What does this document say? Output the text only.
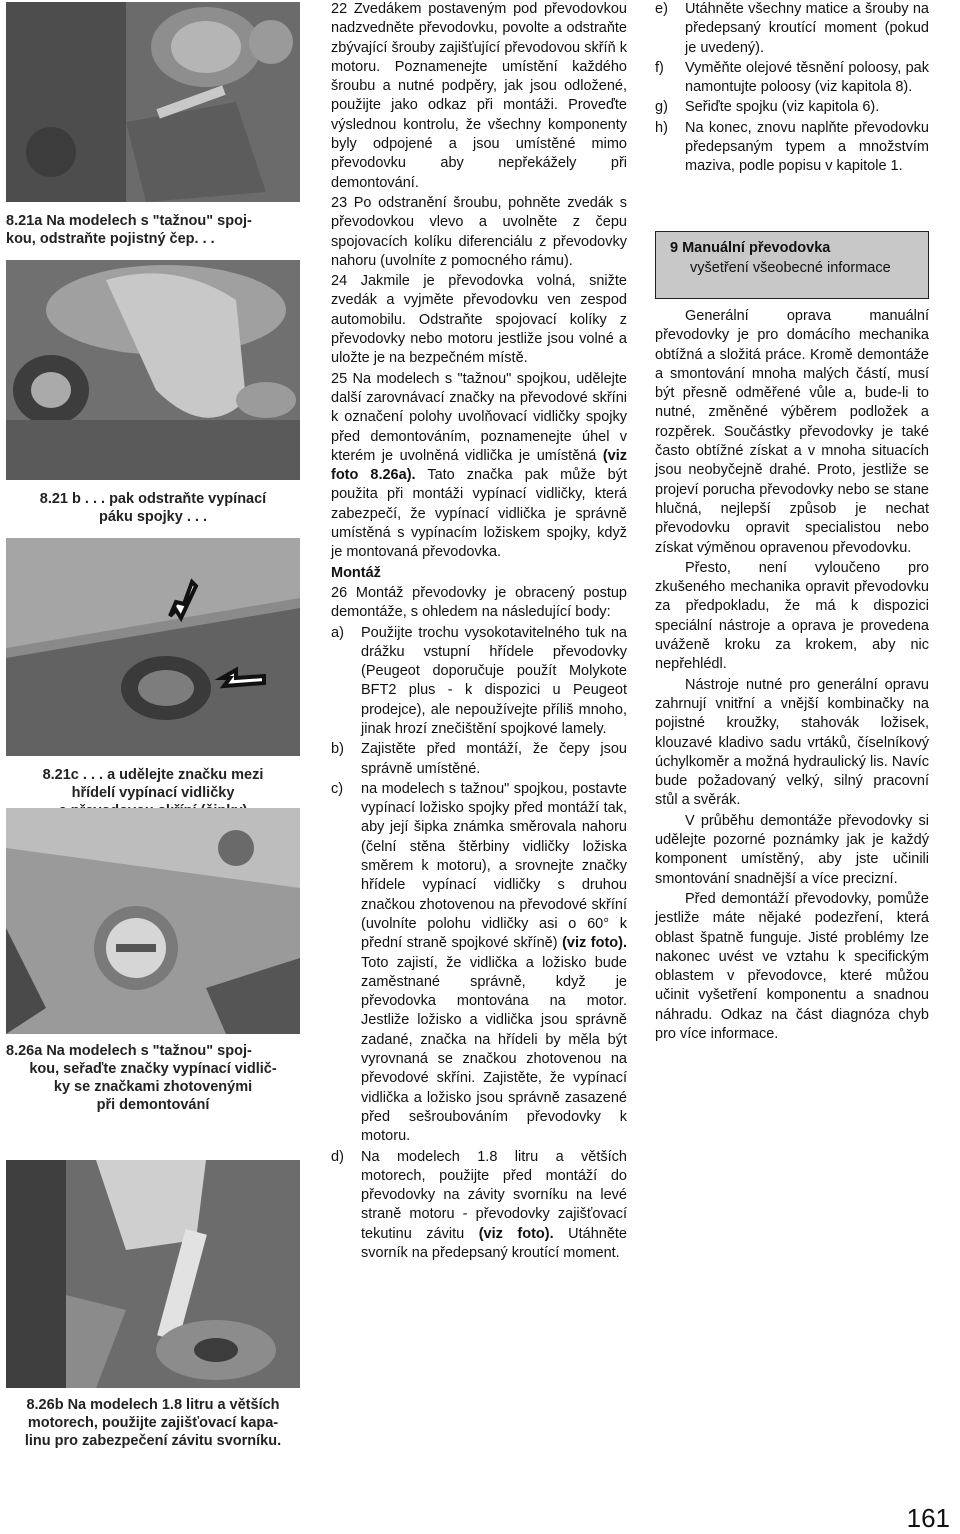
8.21a Na modelech s "tažnou" spoj-

kou, odstraňte pojistný čep. . .

8.21 b . . . pak odstraňte vypínací

páku spojky . . .

8.21c . . . a udělejte značku mezi

hřídelí vypínací vidličky

8.26a Na modelech s "tažnou" spoj-

kou, seřaďte značky vypínací vidlič-

ky se značkami zhotovenými

při demontování

8.26b Na modelech 1.8 litru a větších

motorech, použijte zajišťovací kapa-

linu pro zabezpečení závitu svorníku.

22 Zvedákem postaveným pod převodovkou nadzvedněte převodovku, povolte a odstraňte zbývající šrouby zajišťující převodovou skříň k motoru. Poznamenejte umístění každého šroubu a nutné podpěry, jak jsou odložené, použijte jako odkaz při montáži. Proveďte výslednou kontrolu, že všechny komponenty byly odpojené a jsou umístěné mimo převodovku aby nepřekážely při demontování.

23 Po odstranění šroubu, pohněte zvedák s převodovkou vlevo a uvolněte z čepu spojovacích kolíku diferenciálu z převodovky nahoru (uvolníte z pomocného rámu).

24 Jakmile je převodovka volná, snižte zvedák a vyjměte převodovku ven zespod automobilu. Odstraňte spojovací kolíky z převodovky nebo motoru jestliže jsou volné a uložte je na bezpečném místě.

25 Na modelech s "tažnou" spojkou, udělejte další zarovnávací značky na převodové skříni k označení polohy uvolňovací vidličky spojky před demontováním, poznamenejte úhel v kterém je uvolněná vidlička je umístěná (viz foto 8.26a). Tato značka pak může být použita při montáži vypínací vidličky, která zabezpečí, že vypínací vidlička je správně umístěná s vypínacím ložiskem spojky, když je montovaná převodovka.

Montáž

26 Montáž převodovky je obracený postup demontáže, s ohledem na následující body:

a) Použijte trochu vysokotavitelného tuk na drážku vstupní hřídele převodovky (Peugeot doporučuje použít Molykote BFT2 plus - k dispozici u Peugeot prodejce), ale nepoužívejte příliš mnoho, jinak hrozí znečištění spojkové lamely.
b) Zajistěte před montáží, že čepy jsou správně umístěné.
c) na modelech s tažnou" spojkou, postavte vypínací ložisko spojky před montáží tak, aby její šipka známka směrovala nahoru (čelní stěna štěrbiny vidličky ložiska směrem k motoru), a srovnejte značky hřídele vypínací vidličky s druhou značkou zhotovenou na převodové skříní (uvolníte polohu vidličky asi o 60° k přední straně spojkové skříně) (viz foto). Toto zajistí, že vidlička a ložisko bude zaměstnané správně, když je převodovka montována na motor. Jestliže ložisko a vidlička jsou správně zadané, značka na hřídeli by měla být vyrovnaná se značkou zhotovenou na převodové skříni. Zajistěte, že vypínací vidlička a ložisko jsou správně zasazené před sešroubováním převodovky k motoru.
d) Na modelech 1.8 litru a větších motorech, použijte před montáží do převodovky na závity svorníku na levé straně motoru - převodovky zajišťovací tekutinu závitu (viz foto). Utáhněte svorník na předepsaný kroutící moment.
e) Utáhněte všechny matice a šrouby na předepsaný kroutící moment (pokud je uvedený).
f) Vyměňte olejové těsnění poloosy, pak namontujte poloosy (viz kapitola 8).
g) Seřiďte spojku (viz kapitola 6).
h) Na konec, znovu naplňte převodovku předepsaným typem a množstvím maziva, podle popisu v kapitole 1.
9 Manuální převodovka
vyšetření všeobecné informace

Generální oprava manuální převodovky je pro domácího mechanika obtížná a složitá práce. Kromě demontáže a smontování mnoha malých částí, musí být přesně odměřené vůle a, bude-li to nutné, změněné výběrem podložek a rozpěrek. Součástky převodovky je také často obtížné získat a v mnoha situacích jsou neobyčejně drahé. Proto, jestliže se projeví porucha převodovky nebo se stane hlučná, nejlepší způsob je nechat převodovku opravit specialistou nebo získat výměnou opravenou převodovku.

Přesto, není vyloučeno pro zkušeného mechanika opravit převodovku za předpokladu, že má k dispozici speciální nástroje a oprava je provedena uváženě kroku za krokem, aby nic nepřehlédl.

Nástroje nutné pro generální opravu zahrnují vnitřní a vnější kombinačky na pojistné kroužky, stahovák ložisek, klouzavé kladivo sadu vrtáků, číselníkový úchylkoměr a možná hydraulický lis. Navíc bude požadovaný velký, silný pracovní stůl a svěrák.

V průběhu demontáže převodovky si udělejte pozorné poznámky jak je každý komponent umístěný, aby jste učinili smontování snadnější a více precizní.

Před demontáží převodovky, pomůže jestliže máte nějaké podezření, která oblast špatně funguje. Jisté problémy lze nakonec uvést ve vztahu k specifickým oblastem v převodovce, které můžou učinit vyšetření komponentu a snadnou náhradu. Odkaz na část diagnóza chyb pro více informace.

161
